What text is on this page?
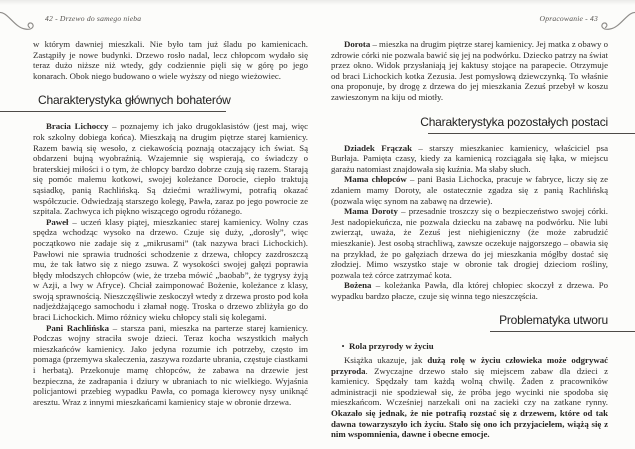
42 - Drzewo do samego nieba

w którym dawniej mieszkali. Nie było tam już śladu po kamienicach. Zastąpiły je nowe budynki. Drzewo rosło nadal, lecz chłopcom wydało się teraz dużo niższe niż wtedy, gdy codziennie pięli się w górę po jego konarach. Obok niego budowano o wiele wyższy od niego wieżowiec.

Charakterystyka głównych bohaterów

Bracia Lichoccy – poznajemy ich jako drugoklasistów (jest maj, więc rok szkolny dobiega końca). Mieszkają na drugim piętrze starej kamienicy. Razem bawią się wesoło, z ciekawością poznają otaczający ich świat. Są obdarzeni bujną wyobraźnią. Wzajemnie się wspierają, co świadczy o braterskiej miłości i o tym, że chłopcy bardzo dobrze czują się razem. Starają się pomóc małemu kotkowi, swojej koleżance Dorocie, ciepło traktują sąsiadkę, panią Rachlińską. Są dziećmi wrażliwymi, potrafią okazać współczucie. Odwiedzają starszego kolegę, Pawła, zaraz po jego powrocie ze szpitala. Zachwyca ich piękno wiszącego ogrodu różanego.

Paweł – uczeń klasy piątej, mieszkaniec starej kamienicy. Wolny czas spędza wchodząc wysoko na drzewo. Czuje się duży, „dorosły”, więc początkowo nie zadaje się z „mikrusami” (tak nazywa braci Lichockich). Pawłowi nie sprawia trudności schodzenie z drzewa, chłopcy zazdroszczą mu, że tak łatwo się z niego zsuwa. Z wysokości swojej gałęzi poprawia błędy młodszych chłopców (wie, że trzeba mówić „baobab”, że tygrysy żyją w Azji, a lwy w Afryce). Chciał zaimponować Bożenie, koleżance z klasy, swoją sprawnością. Nieszczęśliwie zeskoczył wtedy z drzewa prosto pod koła nadjeżdżającego samochodu i złamał nogę. Troska o drzewo zbliżyła go do braci Lichockich. Mimo różnicy wieku chłopcy stali się kolegami.

Pani Rachlińska – starsza pani, mieszka na parterze starej kamienicy. Podczas wojny straciła swoje dzieci. Teraz kocha wszystkich małych mieszkańców kamienicy. Jako jedyna rozumie ich potrzeby, często im pomaga (przemywa skaleczenia, zaszywa rozdarte ubrania, częstuje ciastkami i herbatą). Przekonuje mamę chłopców, że zabawa na drzewie jest bezpieczna, że zadrapania i dziury w ubraniach to nic wielkiego. Wyjaśnia policjantowi przebieg wypadku Pawła, co pomaga kierowcy nysy uniknąć aresztu. Wraz z innymi mieszkańcami kamienicy staje w obronie drzewa.

Opracowanie - 43

Dorota – mieszka na drugim piętrze starej kamienicy. Jej matka z obawy o zdrowie córki nie pozwala bawić się jej na podwórku. Dziecko patrzy na świat przez okno. Widok przysłaniają jej kaktusy stojące na parapecie. Otrzymuje od braci Lichockich kotka Zezusia. Jest pomysłową dziewczynką. To właśnie ona proponuje, by drogę z drzewa do jej mieszkania Zezuś przebył w koszu zawieszonym na kiju od miotły.

Charakterystyka pozostałych postaci

Dziadek Frączak – starszy mieszkaniec kamienicy, właściciel psa Burłaja. Pamięta czasy, kiedy za kamienicą rozciągała się łąka, w miejscu garażu natomiast znajdowała się kuźnia. Ma słaby słuch.

Mama chłopców – pani Basia Lichocka, pracuje w fabryce, liczy się ze zdaniem mamy Doroty, ale ostatecznie zgadza się z panią Rachlińską (pozwala więc synom na zabawę na drzewie).

Mama Doroty – przesadnie troszczy się o bezpieczeństwo swojej córki. Jest nadopiekuńcza, nie pozwala dziecku na zabawę na podwórku. Nie lubi zwierząt, uważa, że Zezuś jest niehigieniczny (że może zabrudzić mieszkanie). Jest osobą strachliwą, zawsze oczekuje najgorszego – obawia się na przykład, że po gałęziach drzewa do jej mieszkania mógłby dostać się złodziej. Mimo wszystko staje w obronie tak drogiej dzieciom rośliny, pozwala też córce zatrzymać kota.

Bożena – koleżanka Pawła, dla której chłopiec skoczył z drzewa. Po wypadku bardzo płacze, czuje się winna tego nieszczęścia.

Problematyka utworu
• Rola przyrody w życiu

Książka ukazuje, jak dużą rolę w życiu człowieka może odgrywać przyroda. Zwyczajne drzewo stało się miejscem zabaw dla dzieci z kamienicy. Spędzały tam każdą wolną chwilę. Żaden z pracowników administracji nie spodziewał się, że próba jego wycinki nie spodoba się mieszkańcom. Wcześniej narzekali oni na zacieki czy na zatkane rynny. Okazało się jednak, że nie potrafią rozstać się z drzewem, które od tak dawna towarzyszyło ich życiu. Stało się ono ich przyjacielem, wiążą się z nim wspomnienia, dawne i obecne emocje.
